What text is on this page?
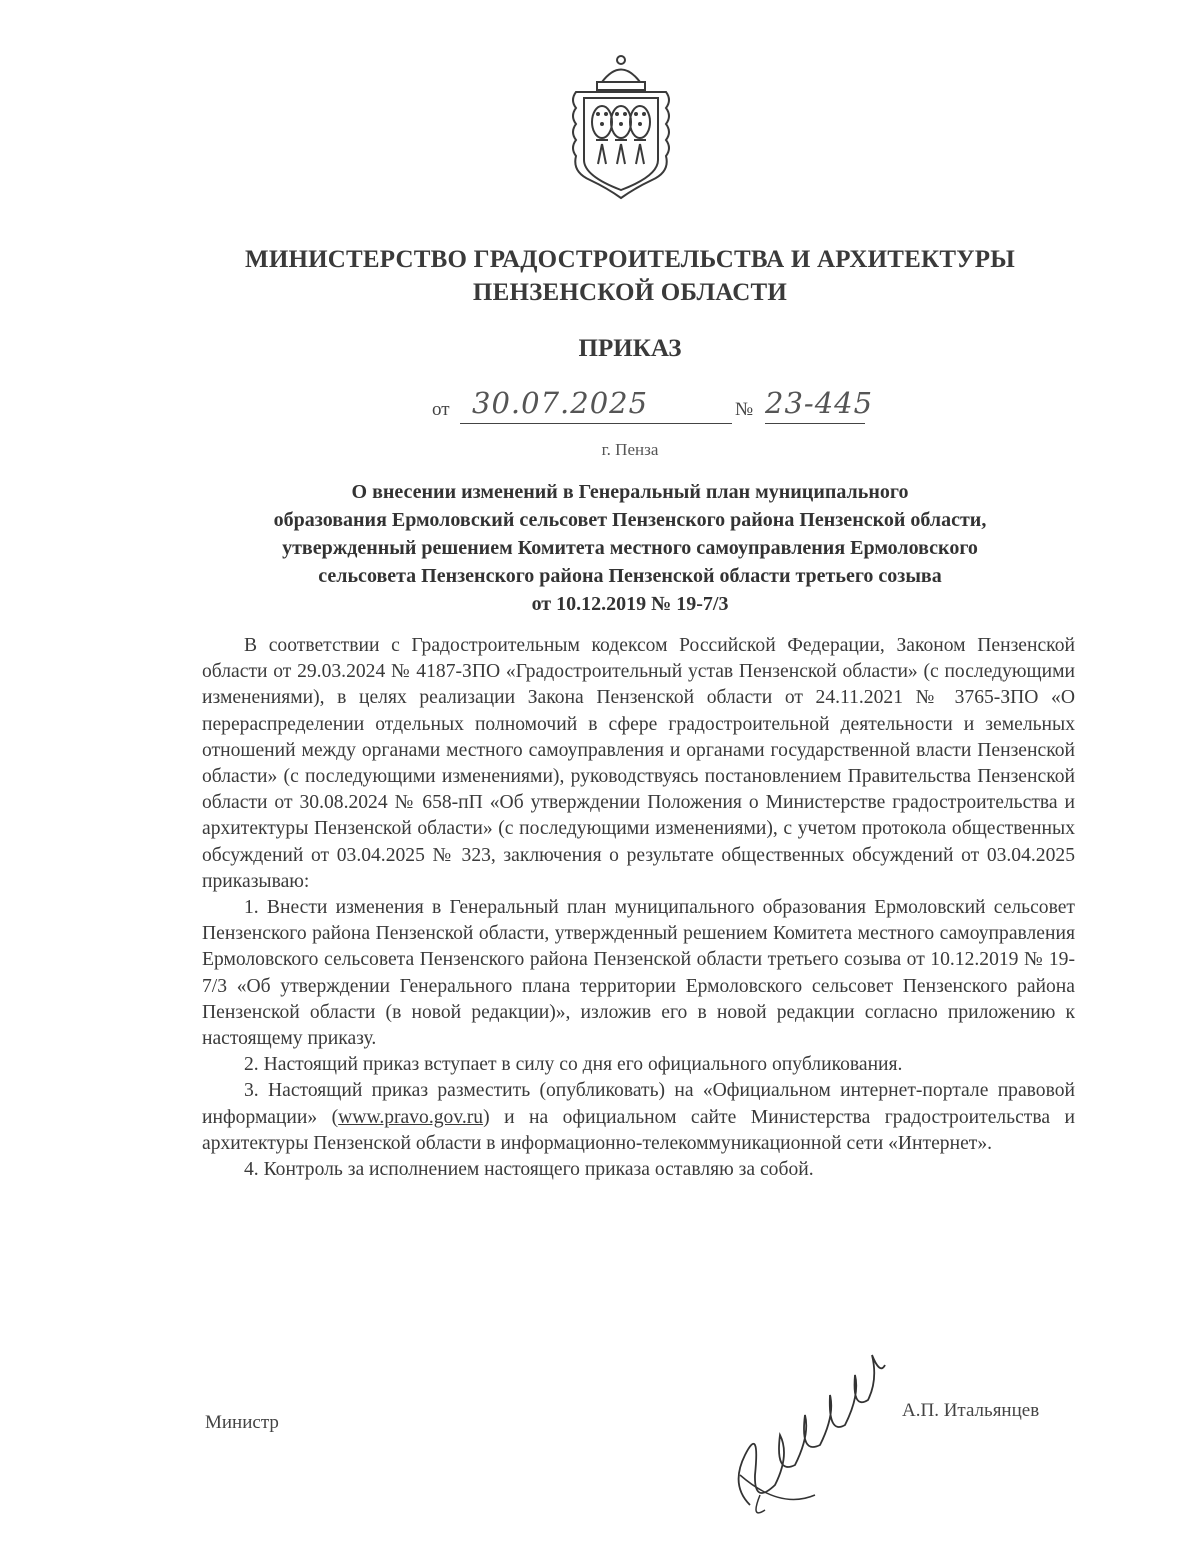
МИНИСТЕРСТВО ГРАДОСТРОИТЕЛЬСТВА И АРХИТЕКТУРЫ
ПЕНЗЕНСКОЙ ОБЛАСТИ
ПРИКАЗ
от 30.07.2025	№ 23-445
г. Пенза
О внесении изменений в Генеральный план муниципального
образования Ермоловский сельсовет Пензенского района Пензенской области,
утвержденный решением Комитета местного самоуправления Ермоловского
сельсовета Пензенского района Пензенской области третьего созыва
от 10.12.2019 № 19-7/3

В соответствии с Градостроительным кодексом Российской Федерации, Законом Пензенской области от 29.03.2024 № 4187-ЗПО «Градостроительный устав Пензенской области» (с последующими изменениями), в целях реализации Закона Пензенской области от 24.11.2021 № 3765-ЗПО «О перераспределении отдельных полномочий в сфере градостроительной деятельности и земельных отношений между органами местного самоуправления и органами государственной власти Пензенской области» (с последующими изменениями), руководствуясь постановлением Правительства Пензенской области от 30.08.2024 № 658-пП «Об утверждении Положения о Министерстве градостроительства и архитектуры Пензенской области» (с последующими изменениями), с учетом протокола общественных обсуждений от 03.04.2025 № 323, заключения о результате общественных обсуждений от 03.04.2025 приказываю:

1. Внести изменения в Генеральный план муниципального образования Ермоловский сельсовет Пензенского района Пензенской области, утвержденный решением Комитета местного самоуправления Ермоловского сельсовета Пензенского района Пензенской области третьего созыва от 10.12.2019 № 19-7/3 «Об утверждении Генерального плана территории Ермоловского сельсовет Пензенского района Пензенской области (в новой редакции)», изложив его в новой редакции согласно приложению к настоящему приказу.

2. Настоящий приказ вступает в силу со дня его официального опубликования.

3. Настоящий приказ разместить (опубликовать) на «Официальном интернет-портале правовой информации» (www.pravo.gov.ru) и на официальном сайте Министерства градостроительства и архитектуры Пензенской области в информационно-телекоммуникационной сети «Интернет».

4. Контроль за исполнением настоящего приказа оставляю за собой.

Министр
А.П. Итальянцев
